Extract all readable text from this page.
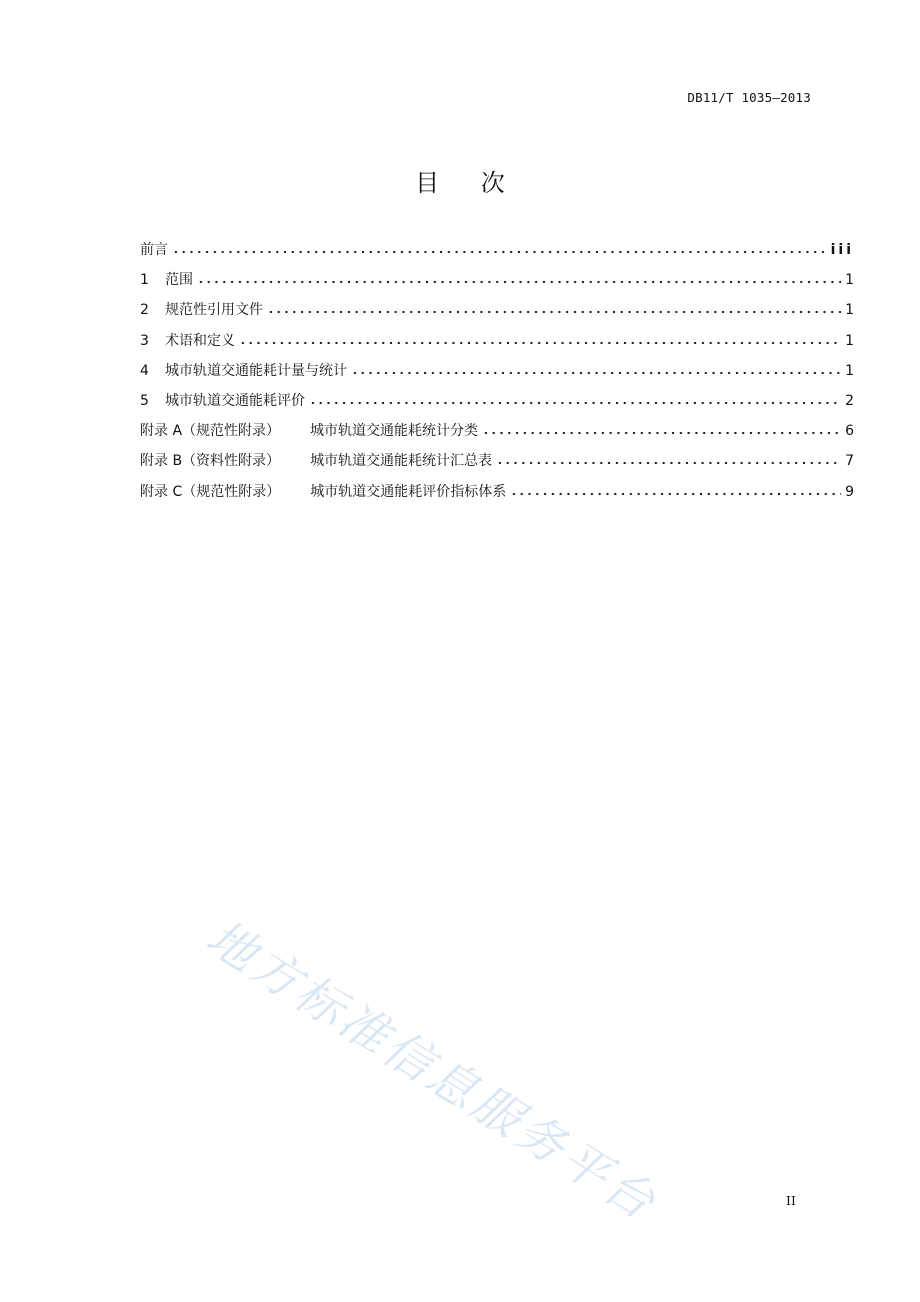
DB11/T 1035—2013
目 次
前言	iii
1	范围	1
2	规范性引用文件	1
3	术语和定义	1
4	城市轨道交通能耗计量与统计	1
5	城市轨道交通能耗评价	2
附录 A（规范性附录） 城市轨道交通能耗统计分类	6
附录 B（资料性附录） 城市轨道交通能耗统计汇总表	7
附录 C（规范性附录） 城市轨道交通能耗评价指标体系	9
地方标准信息服务平台	II
